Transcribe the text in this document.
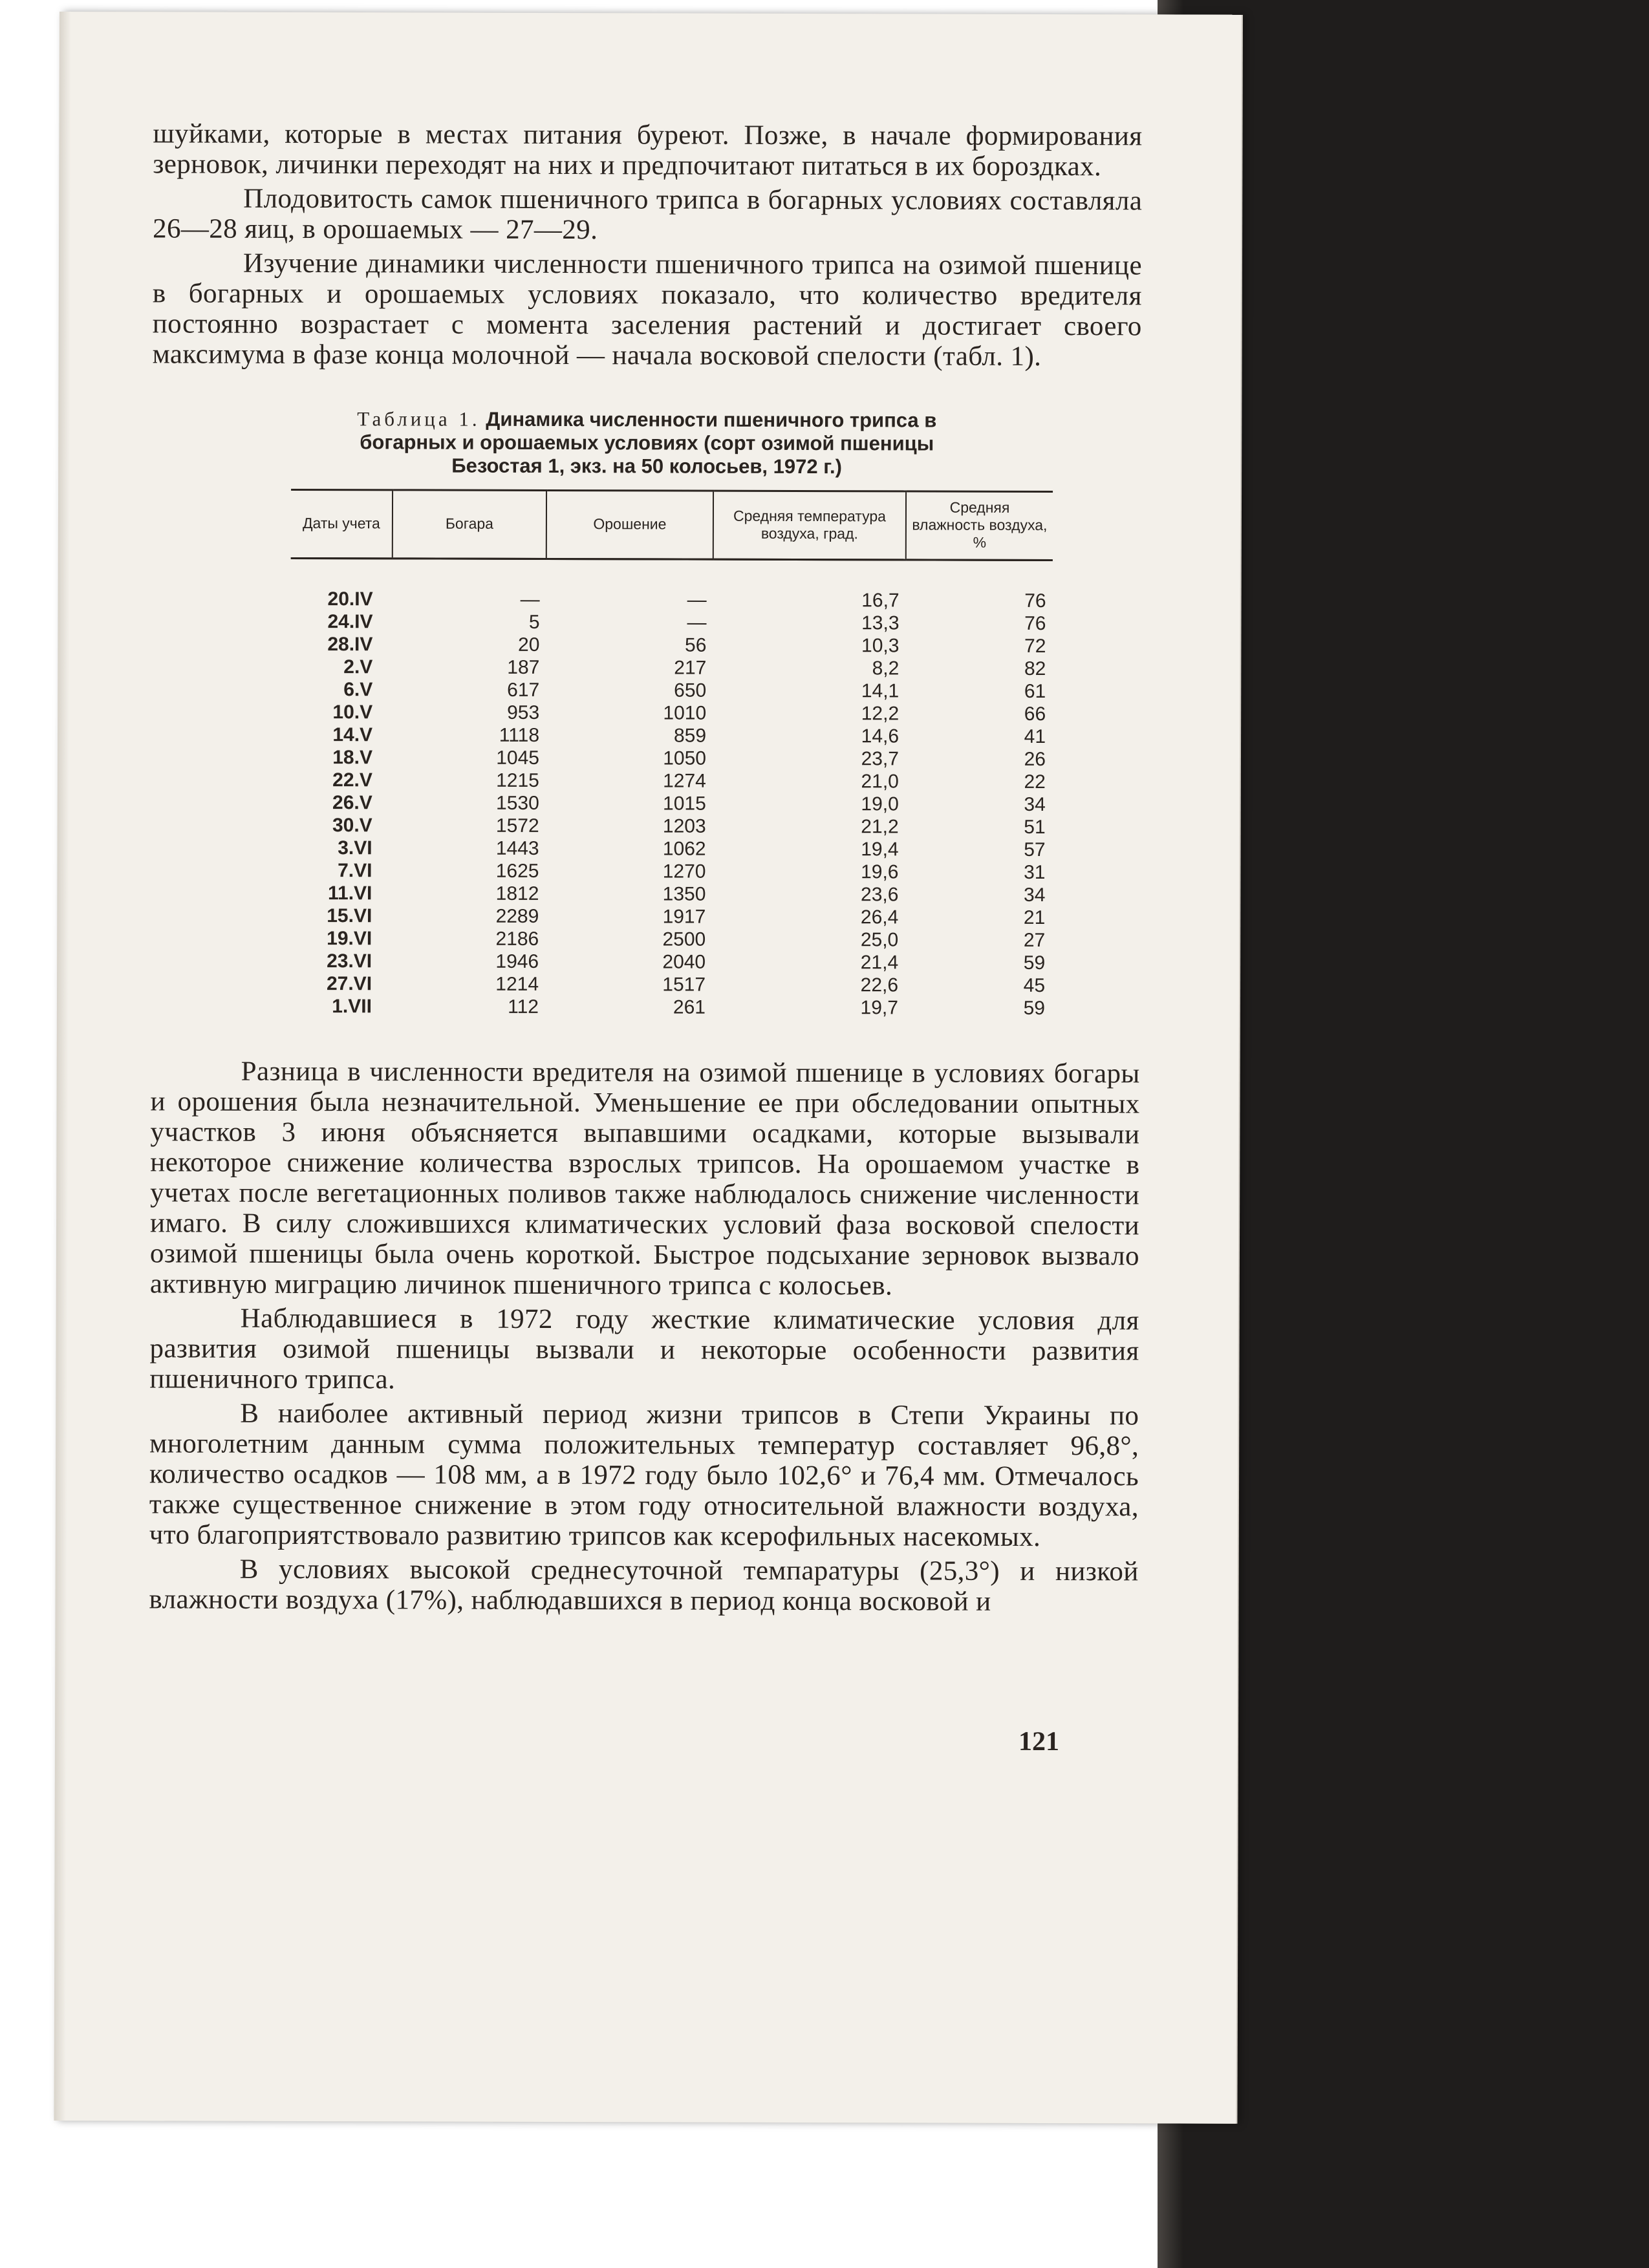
шуйками, которые в местах питания буреют. Позже, в начале формирования зерновок, личинки переходят на них и предпочитают питаться в их бороздках.

Плодовитость самок пшеничного трипса в богарных условиях составляла 26—28 яиц, в орошаемых — 27—29.

Изучение динамики численности пшеничного трипса на озимой пшенице в богарных и орошаемых условиях показало, что количество вредителя постоянно возрастает с момента заселения растений и достигает своего максимума в фазе конца молочной — начала восковой спелости (табл. 1).

Таблица 1. Динамика численности пшеничного трипса в богарных и орошаемых условиях (сорт озимой пшеницы Безостая 1, экз. на 50 колосьев, 1972 г.)
Даты учета	Богара	Орошение	Средняя температура воздуха, град.	Средняя влажность воздуха, %
20.IV	—	—	16,7	76
24.IV	5	—	13,3	76
28.IV	20	56	10,3	72
2.V	187	217	8,2	82
6.V	617	650	14,1	61
10.V	953	1010	12,2	66
14.V	1118	859	14,6	41
18.V	1045	1050	23,7	26
22.V	1215	1274	21,0	22
26.V	1530	1015	19,0	34
30.V	1572	1203	21,2	51
3.VI	1443	1062	19,4	57
7.VI	1625	1270	19,6	31
11.VI	1812	1350	23,6	34
15.VI	2289	1917	26,4	21
19.VI	2186	2500	25,0	27
23.VI	1946	2040	21,4	59
27.VI	1214	1517	22,6	45
1.VII	112	261	19,7	59

Разница в численности вредителя на озимой пшенице в условиях богары и орошения была незначительной. Уменьшение ее при обследовании опытных участков 3 июня объясняется выпавшими осадками, которые вызывали некоторое снижение количества взрослых трипсов. На орошаемом участке в учетах после вегетационных поливов также наблюдалось снижение численности имаго. В силу сложившихся климатических условий фаза восковой спелости озимой пшеницы была очень короткой. Быстрое подсыхание зерновок вызвало активную миграцию личинок пшеничного трипса с колосьев.

Наблюдавшиеся в 1972 году жесткие климатические условия для развития озимой пшеницы вызвали и некоторые особенности развития пшеничного трипса.

В наиболее активный период жизни трипсов в Степи Украины по многолетним данным сумма положительных температур составляет 96,8°, количество осадков — 108 мм, а в 1972 году было 102,6° и 76,4 мм. Отмечалось также существенное снижение в этом году относительной влажности воздуха, что благоприятствовало развитию трипсов как ксерофильных насекомых.

В условиях высокой среднесуточной темпаратуры (25,3°) и низкой влажности воздуха (17%), наблюдавшихся в период конца восковой и

121
